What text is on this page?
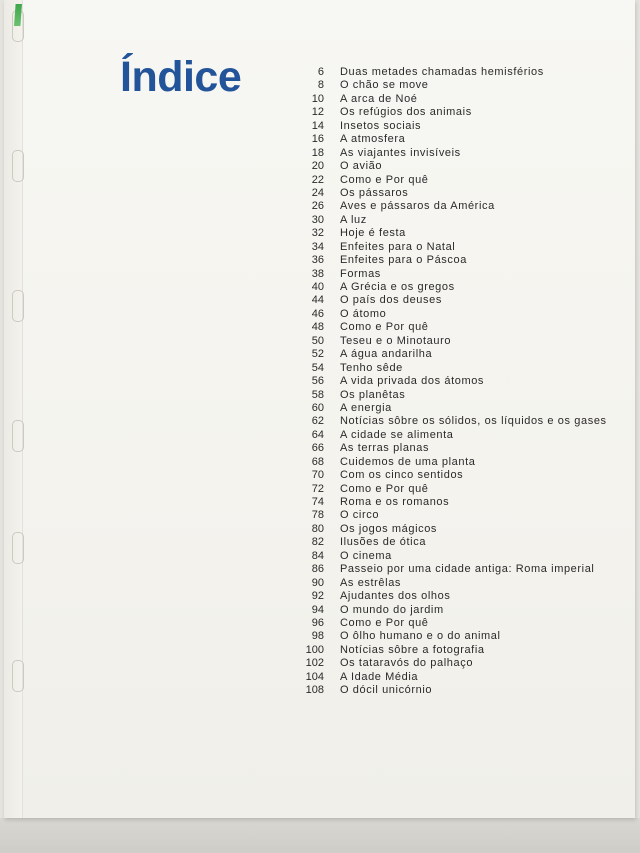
Índice	6 Duas metades chamadas hemisférios
8 O chão se move
10 A arca de Noé
12 Os refúgios dos animais
14 Insetos sociais
16 A atmosfera
18 As viajantes invisíveis
20 O avião
22 Como e Por quê
24 Os pássaros
26 Aves e pássaros da América
30 A luz
32 Hoje é festa
34 Enfeites para o Natal
36 Enfeites para o Páscoa
38 Formas
40 A Grécia e os gregos
44 O país dos deuses
46 O átomo
48 Como e Por quê
50 Teseu e o Minotauro
52 A água andarilha
54 Tenho sêde
56 A vida privada dos átomos
58 Os planêtas
60 A energia
62 Notícias sôbre os sólidos, os líquidos e os gases
64 A cidade se alimenta
66 As terras planas
68 Cuidemos de uma planta
70 Com os cinco sentidos
72 Como e Por quê
74 Roma e os romanos
78 O circo
80 Os jogos mágicos
82 Ilusões de ótica
84 O cinema
86 Passeio por uma cidade antiga: Roma imperial
90 As estrêlas
92 Ajudantes dos olhos
94 O mundo do jardim
96 Como e Por quê
98 O ôlho humano e o do animal
100 Notícias sôbre a fotografia
102 Os tataravós do palhaço
104 A Idade Média
108 O dócil unicórnio
